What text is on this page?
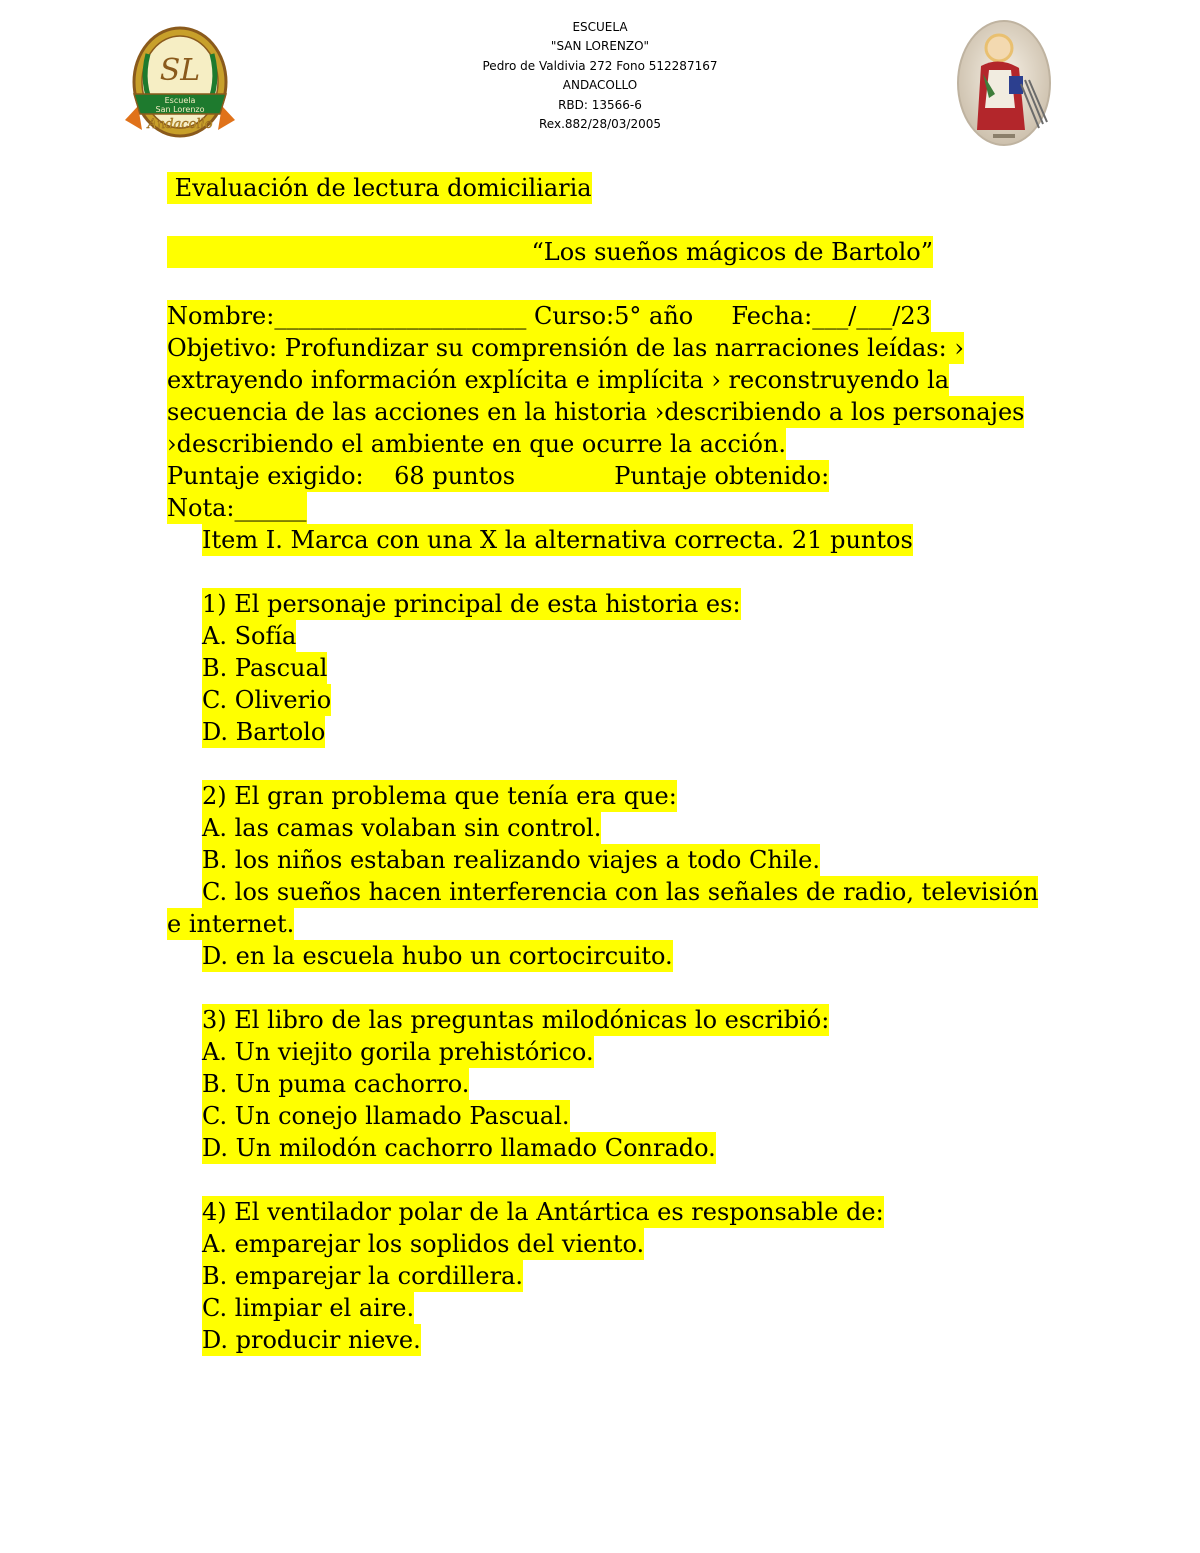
SL
Escuela
San Lorenzo
Andacollo
ESCUELA
"SAN LORENZO"
Pedro de Valdivia 272 Fono 512287167
ANDACOLLO
RBD: 13566-6
Rex.882/28/03/2005
Evaluación de lectura domiciliaria
“Los sueños mágicos de Bartolo”
Nombre:_____________________ Curso:5° año     Fecha:___/___/23
Objetivo: Profundizar su comprensión de las narraciones leídas: ›
extrayendo información explícita e implícita › reconstruyendo la
secuencia de las acciones en la historia ›describiendo a los personajes
›describiendo el ambiente en que ocurre la acción.
Puntaje exigido:    68 puntos             Puntaje obtenido:
Nota:______
Item I. Marca con una X la alternativa correcta. 21 puntos
1) El personaje principal de esta historia es:
A. Sofía
B. Pascual
C. Oliverio
D. Bartolo
2) El gran problema que tenía era que:
A. las camas volaban sin control.
B. los niños estaban realizando viajes a todo Chile.
C. los sueños hacen interferencia con las señales de radio, televisión
e internet.
D. en la escuela hubo un cortocircuito.
3) El libro de las preguntas milodónicas lo escribió:
A. Un viejito gorila prehistórico.
B. Un puma cachorro.
C. Un conejo llamado Pascual.
D. Un milodón cachorro llamado Conrado.
4) El ventilador polar de la Antártica es responsable de:
A. emparejar los soplidos del viento.
B. emparejar la cordillera.
C. limpiar el aire.
D. producir nieve.
